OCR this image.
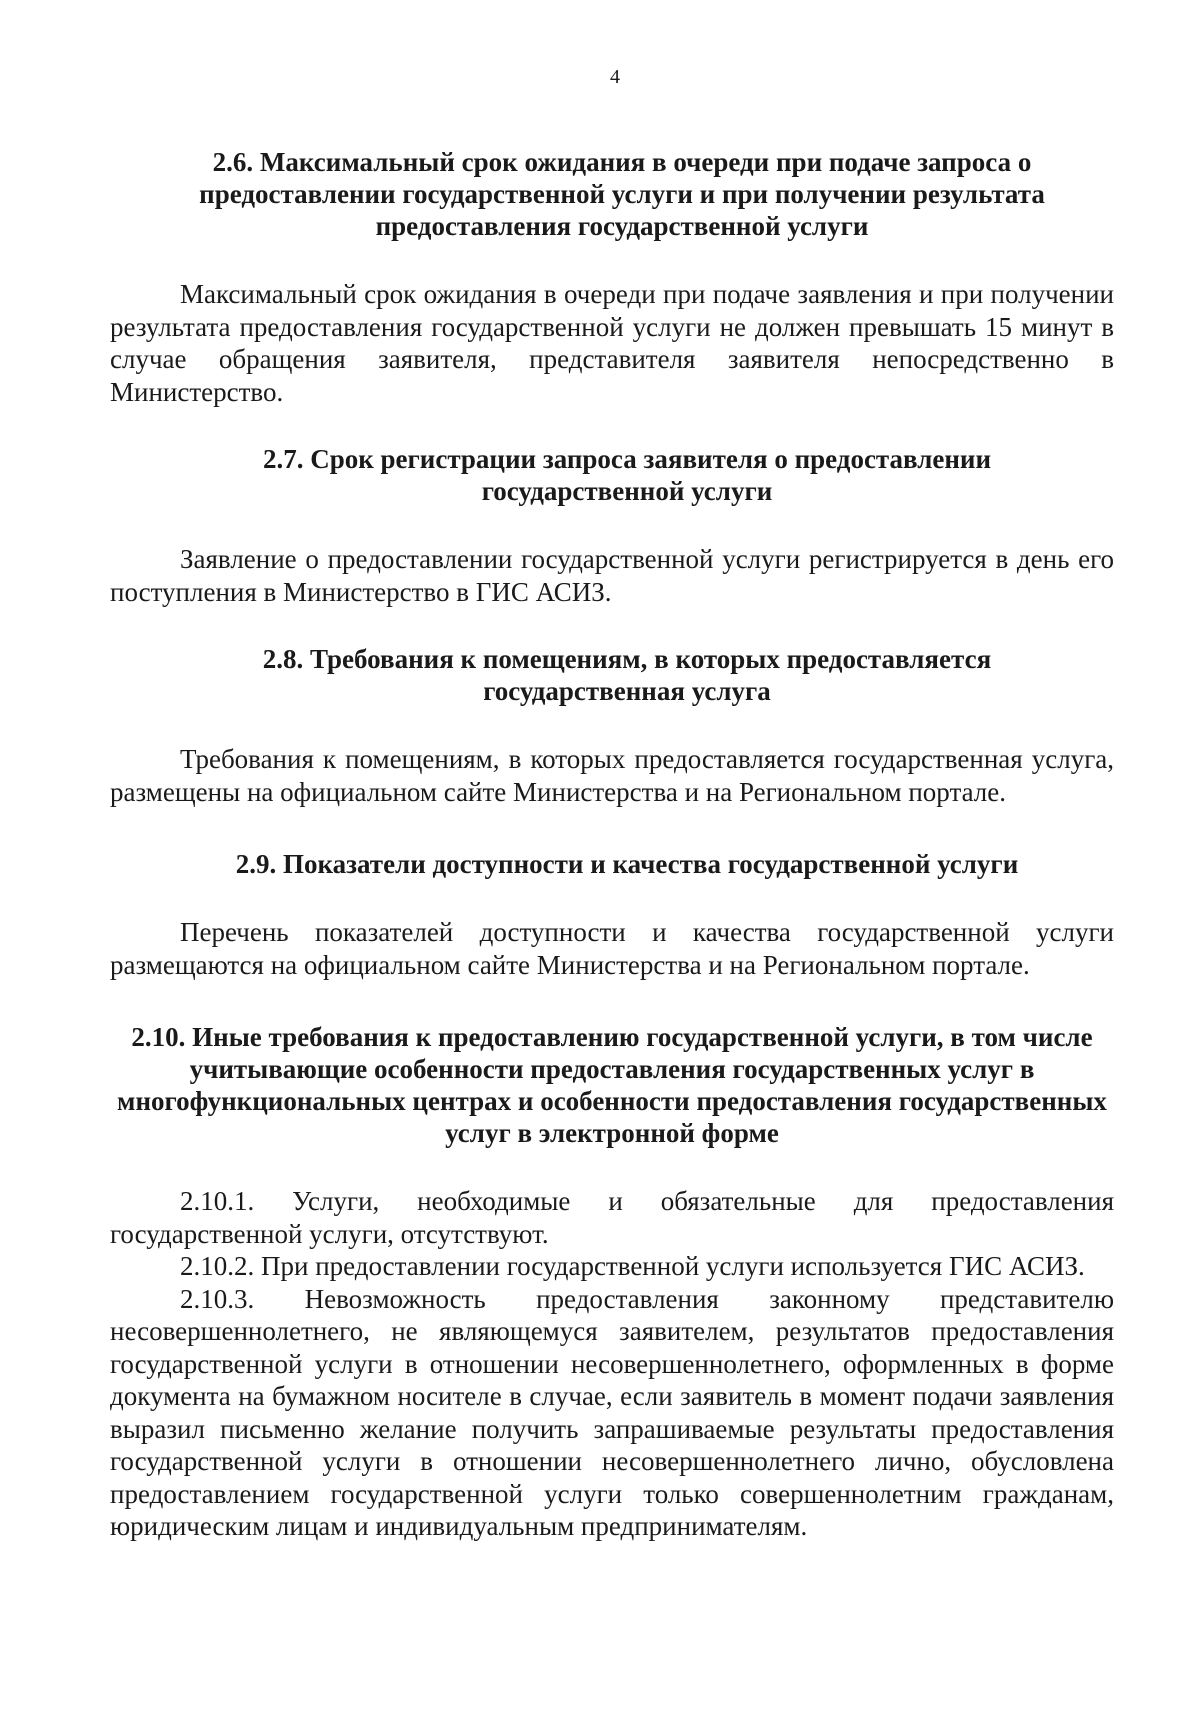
4
2.6. Максимальный срок ожидания в очереди при подаче запроса о предоставлении государственной услуги и при получении результата предоставления государственной услуги

Максимальный срок ожидания в очереди при подаче заявления и при получении результата предоставления государственной услуги не должен превышать 15 минут в случае обращения заявителя, представителя заявителя непосредственно в Министерство.

2.7. Срок регистрации запроса заявителя о предоставлении государственной услуги

Заявление о предоставлении государственной услуги регистрируется в день его поступления в Министерство в ГИС АСИЗ.

2.8. Требования к помещениям, в которых предоставляется государственная услуга

Требования к помещениям, в которых предоставляется государственная услуга, размещены на официальном сайте Министерства и на Региональном портале.

2.9. Показатели доступности и качества государственной услуги

Перечень показателей доступности и качества государственной услуги размещаются на официальном сайте Министерства и на Региональном портале.

2.10. Иные требования к предоставлению государственной услуги, в том числе учитывающие особенности предоставления государственных услуг в многофункциональных центрах и особенности предоставления государственных услуг в электронной форме

2.10.1. Услуги, необходимые и обязательные для предоставления государственной услуги, отсутствуют.

2.10.2. При предоставлении государственной услуги используется ГИС АСИЗ.

2.10.3. Невозможность предоставления законному представителю несовершеннолетнего, не являющемуся заявителем, результатов предоставления государственной услуги в отношении несовершеннолетнего, оформленных в форме документа на бумажном носителе в случае, если заявитель в момент подачи заявления выразил письменно желание получить запрашиваемые результаты предоставления государственной услуги в отношении несовершеннолетнего лично, обусловлена предоставлением государственной услуги только совершеннолетним гражданам, юридическим лицам и индивидуальным предпринимателям.
